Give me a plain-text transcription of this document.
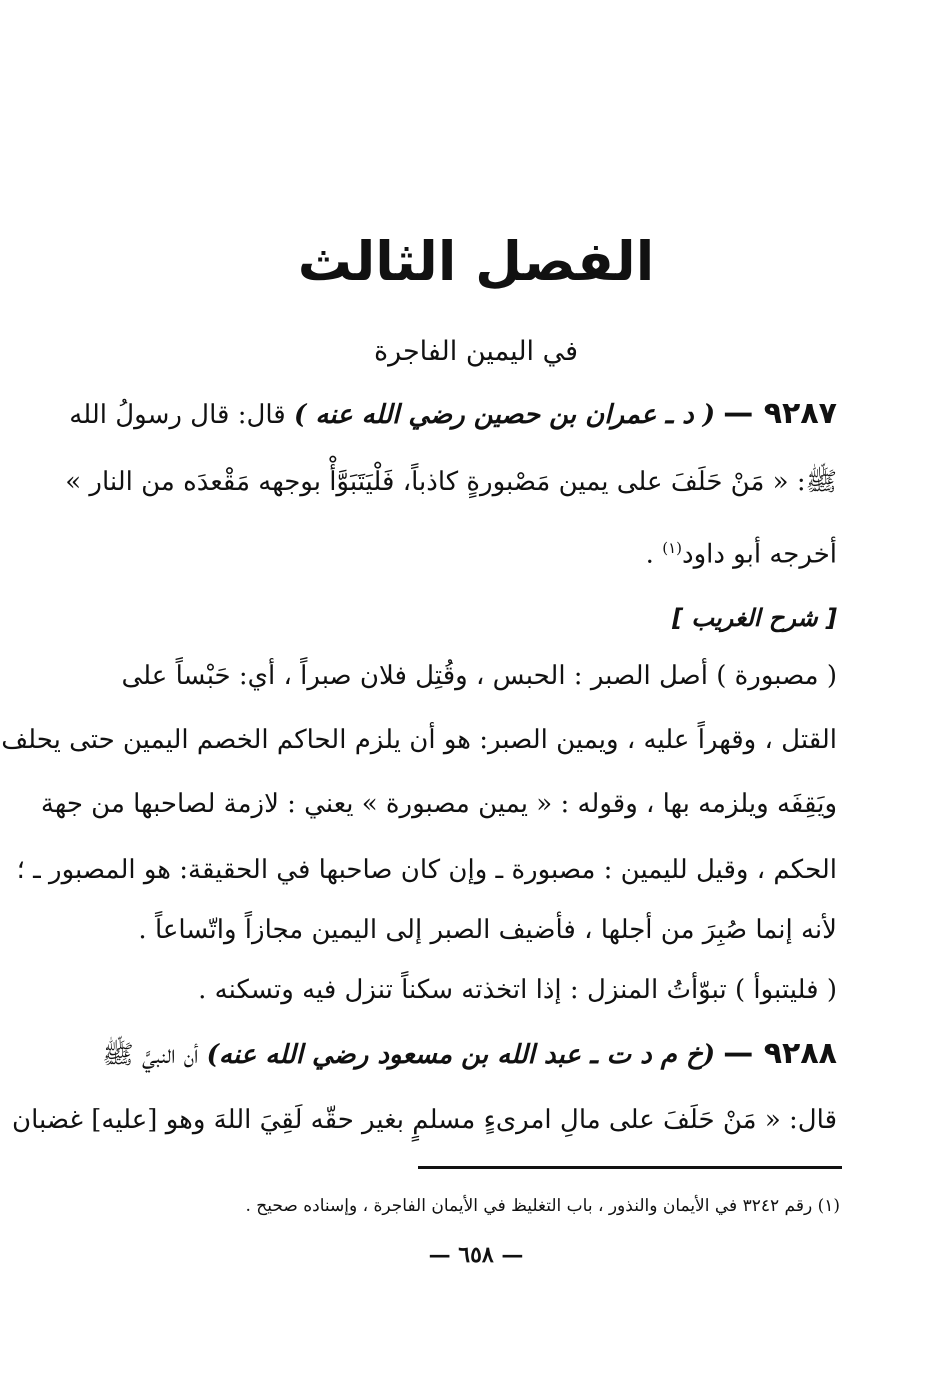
الفصل الثالث
في اليمين الفاجرة
٩٢٨٧ — ( د ـ عمران بن حصين رضي الله عنه ) قال: قال رسولُ الله
ﷺ: « مَنْ حَلَفَ على يمين مَصْبورةٍ كاذباً، فَلْيَتَبَوَّأْ بوجهه مَقْعدَه من النار »
أخرجه أبو داود$^{(١)}$ .
[ شرح الغريب ]
( مصبورة ) أصل الصبر : الحبس ، وقُتِل فلان صبراً ، أي: حَبْساً على
القتل ، وقهراً عليه ، ويمين الصبر: هو أن يلزم الحاكم الخصم اليمين حتى يحلف
ويَقِفَه ويلزمه بها ، وقوله : « يمين مصبورة » يعني : لازمة لصاحبها من جهة
الحكم ، وقيل لليمين : مصبورة ـ وإن كان صاحبها في الحقيقة: هو المصبور ـ ؛
لأنه إنما صُبِرَ من أجلها ، فأضيف الصبر إلى اليمين مجازاً واتّساعاً .
( فليتبوأ ) تبوّأتُ المنزل : إذا اتخذته سكناً تنزل فيه وتسكنه .
٩٢٨٨ — (خ م د ت ـ عبد الله بن مسعود رضي الله عنه) أن النبيَّ ﷺ
قال: « مَنْ حَلَفَ على مالِ امرىءٍ مسلمٍ بغير حقّه لَقِيَ اللهَ وهو [عليه] غضبان
(١) رقم ٣٢٤٢ في الأيمان والنذور ، باب التغليظ في الأيمان الفاجرة ، وإسناده صحيح .
— ٦٥٨ —
